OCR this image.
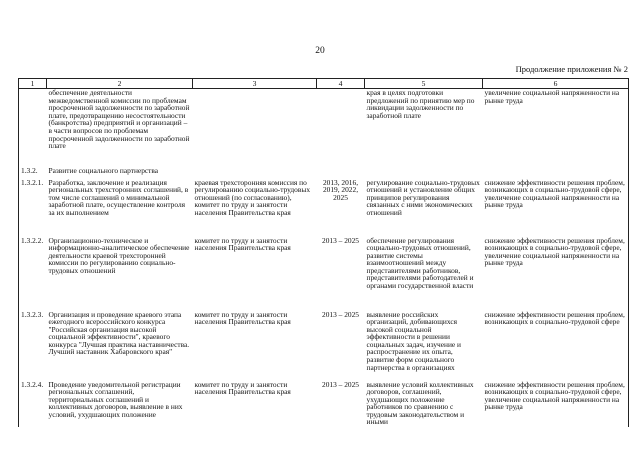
20
Продолжение приложения № 2
1	2	3	4	5	6
	обеспечение деятельности межведомственной комиссии по проблемам просроченной задолженности по заработной плате, предотвращению несостоятельности (банкротства) предприятий и организаций – в части вопросов по проблемам просроченной задолженности по заработной плате			края в целях подготовки предложений по принятию мер по ликвидации задолженности по заработной плате	увеличение социальной напряженности на рынке труда
1.3.2.	Развитие социального партнерства				
1.3.2.1.	Разработка, заключение и реализация региональных трехсторонних соглашений, в том числе соглашений о минимальной заработной плате, осуществление контроля за их выполнением	краевая трехсторонняя комиссия по регулированию социально-трудовых отношений (по согласованию), комитет по труду и занятости населения Правительства края	2013, 2016, 2019, 2022, 2025	регулирование социально-трудовых отношений и установление общих принципов регулирования связанных с ними экономических отношений	снижение эффективности решения проблем, возникающих в социально-трудовой сфере, увеличение социальной напряженности на рынке труда
1.3.2.2.	Организационно-техническое и информационно-аналитическое обеспечение деятельности краевой трехсторонней комиссии по регулированию социально-трудовых отношений	комитет по труду и занятости населения Правительства края	2013 – 2025	обеспечение регулирования социально-трудовых отношений, развитие системы взаимоотношений между представителями работников, представителями работодателей и органами государственной власти	снижение эффективности решения проблем, возникающих в социально-трудовой сфере, увеличение социальной напряженности на рынке труда
1.3.2.3.	Организация и проведение краевого этапа ежегодного всероссийского конкурса "Российская организация высокой социальной эффективности", краевого конкурса "Лучшая практика наставничества. Лучший наставник Хабаровского края"	комитет по труду и занятости населения Правительства края	2013 – 2025	выявление российских организаций, добивающихся высокой социальной эффективности в решении социальных задач, изучение и распространение их опыта, развитие форм социального партнерства в организациях	снижение эффективности решения проблем, возникающих в социально-трудовой сфере
1.3.2.4.	Проведение уведомительной регистрации региональных соглашений, территориальных соглашений и коллективных договоров, выявление в них условий, ухудшающих положение	комитет по труду и занятости населения Правительства края	2013 – 2025	выявление условий коллективных договоров, соглашений, ухудшающих положение работников по сравнению с трудовым законодательством и иными	снижение эффективности решения проблем, возникающих в социально-трудовой сфере, увеличение социальной напряженности на рынке труда
